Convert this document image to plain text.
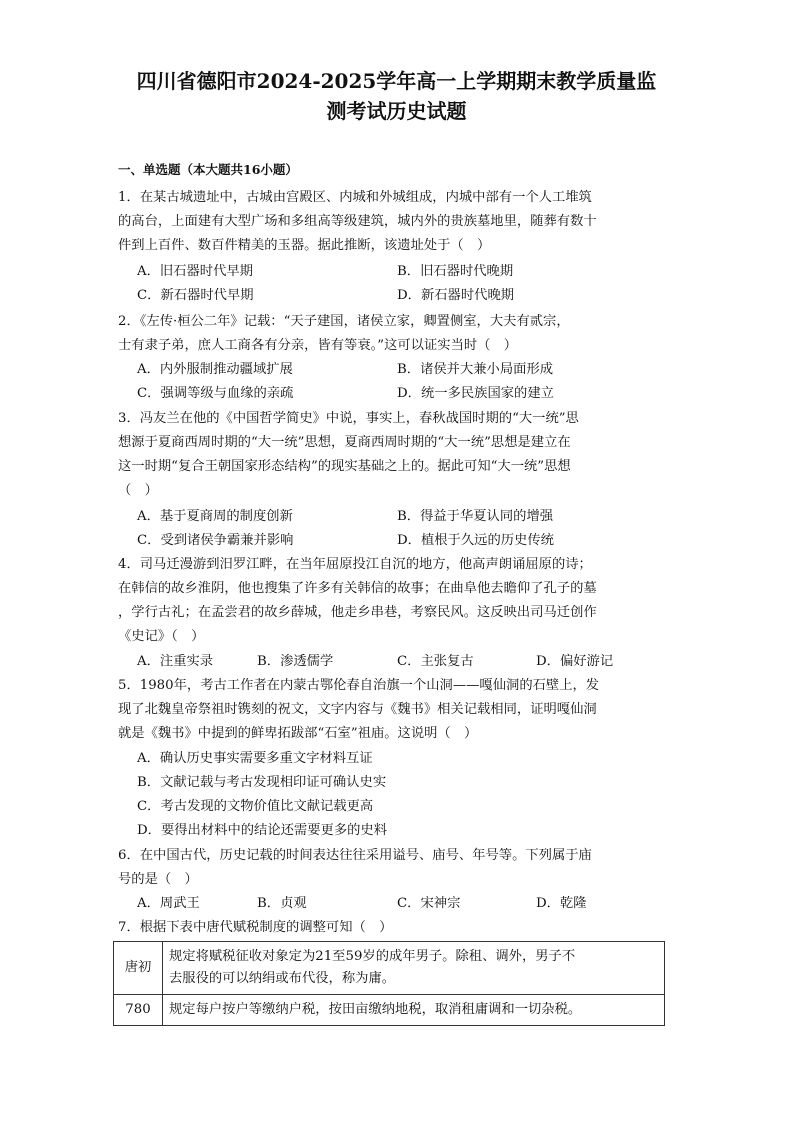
四川省德阳市2024-2025学年高一上学期期末教学质量监
测考试历史试题
一、单选题（本大题共16小题）
1．在某古城遗址中，古城由宫殿区、内城和外城组成，内城中部有一个人工堆筑
的高台，上面建有大型广场和多组高等级建筑，城内外的贵族墓地里，随葬有数十
件到上百件、数百件精美的玉器。据此推断，该遗址处于（　）
A．旧石器时代早期	B．旧石器时代晚期
C．新石器时代早期	D．新石器时代晚期
2．《左传·桓公二年》记载：“天子建国，诸侯立家，卿置侧室，大夫有贰宗，
士有隶子弟，庶人工商各有分亲，皆有等衰。”这可以证实当时（　）
A．内外服制推动疆域扩展	B．诸侯并大兼小局面形成
C．强调等级与血缘的亲疏	D．统一多民族国家的建立
3．冯友兰在他的《中国哲学简史》中说，事实上，春秋战国时期的“大一统”思
想源于夏商西周时期的“大一统”思想，夏商西周时期的“大一统”思想是建立在
这一时期“复合王朝国家形态结构”的现实基础之上的。据此可知“大一统”思想
（　）
A．基于夏商周的制度创新	B．得益于华夏认同的增强
C．受到诸侯争霸兼并影响	D．植根于久远的历史传统
4．司马迁漫游到汨罗江畔，在当年屈原投江自沉的地方，他高声朗诵屈原的诗；
在韩信的故乡淮阴，他也搜集了许多有关韩信的故事；在曲阜他去瞻仰了孔子的墓
，学行古礼；在孟尝君的故乡薛城，他走乡串巷，考察民风。这反映出司马迁创作
《史记》（　）
A．注重实录	B．渗透儒学	C．主张复古	D．偏好游记
5．1980年，考古工作者在内蒙古鄂伦春自治旗一个山洞——嘎仙洞的石壁上，发
现了北魏皇帝祭祖时镌刻的祝文，文字内容与《魏书》相关记载相同，证明嘎仙洞
就是《魏书》中提到的鲜卑拓跋部“石室”祖庙。这说明（　）
A．确认历史事实需要多重文字材料互证
B．文献记载与考古发现相印证可确认史实
C．考古发现的文物价值比文献记载更高
D．要得出材料中的结论还需要更多的史料
6．在中国古代，历史记载的时间表达往往采用谥号、庙号、年号等。下列属于庙
号的是（　）
A．周武王	B．贞观	C．宋神宗	D．乾隆
7．根据下表中唐代赋税制度的调整可知（　）
唐初	规定将赋税征收对象定为21至59岁的成年男子。除租、调外，男子不
去服役的可以纳绢或布代役，称为庸。

780	规定每户按户等缴纳户税，按田亩缴纳地税，取消租庸调和一切杂税。
